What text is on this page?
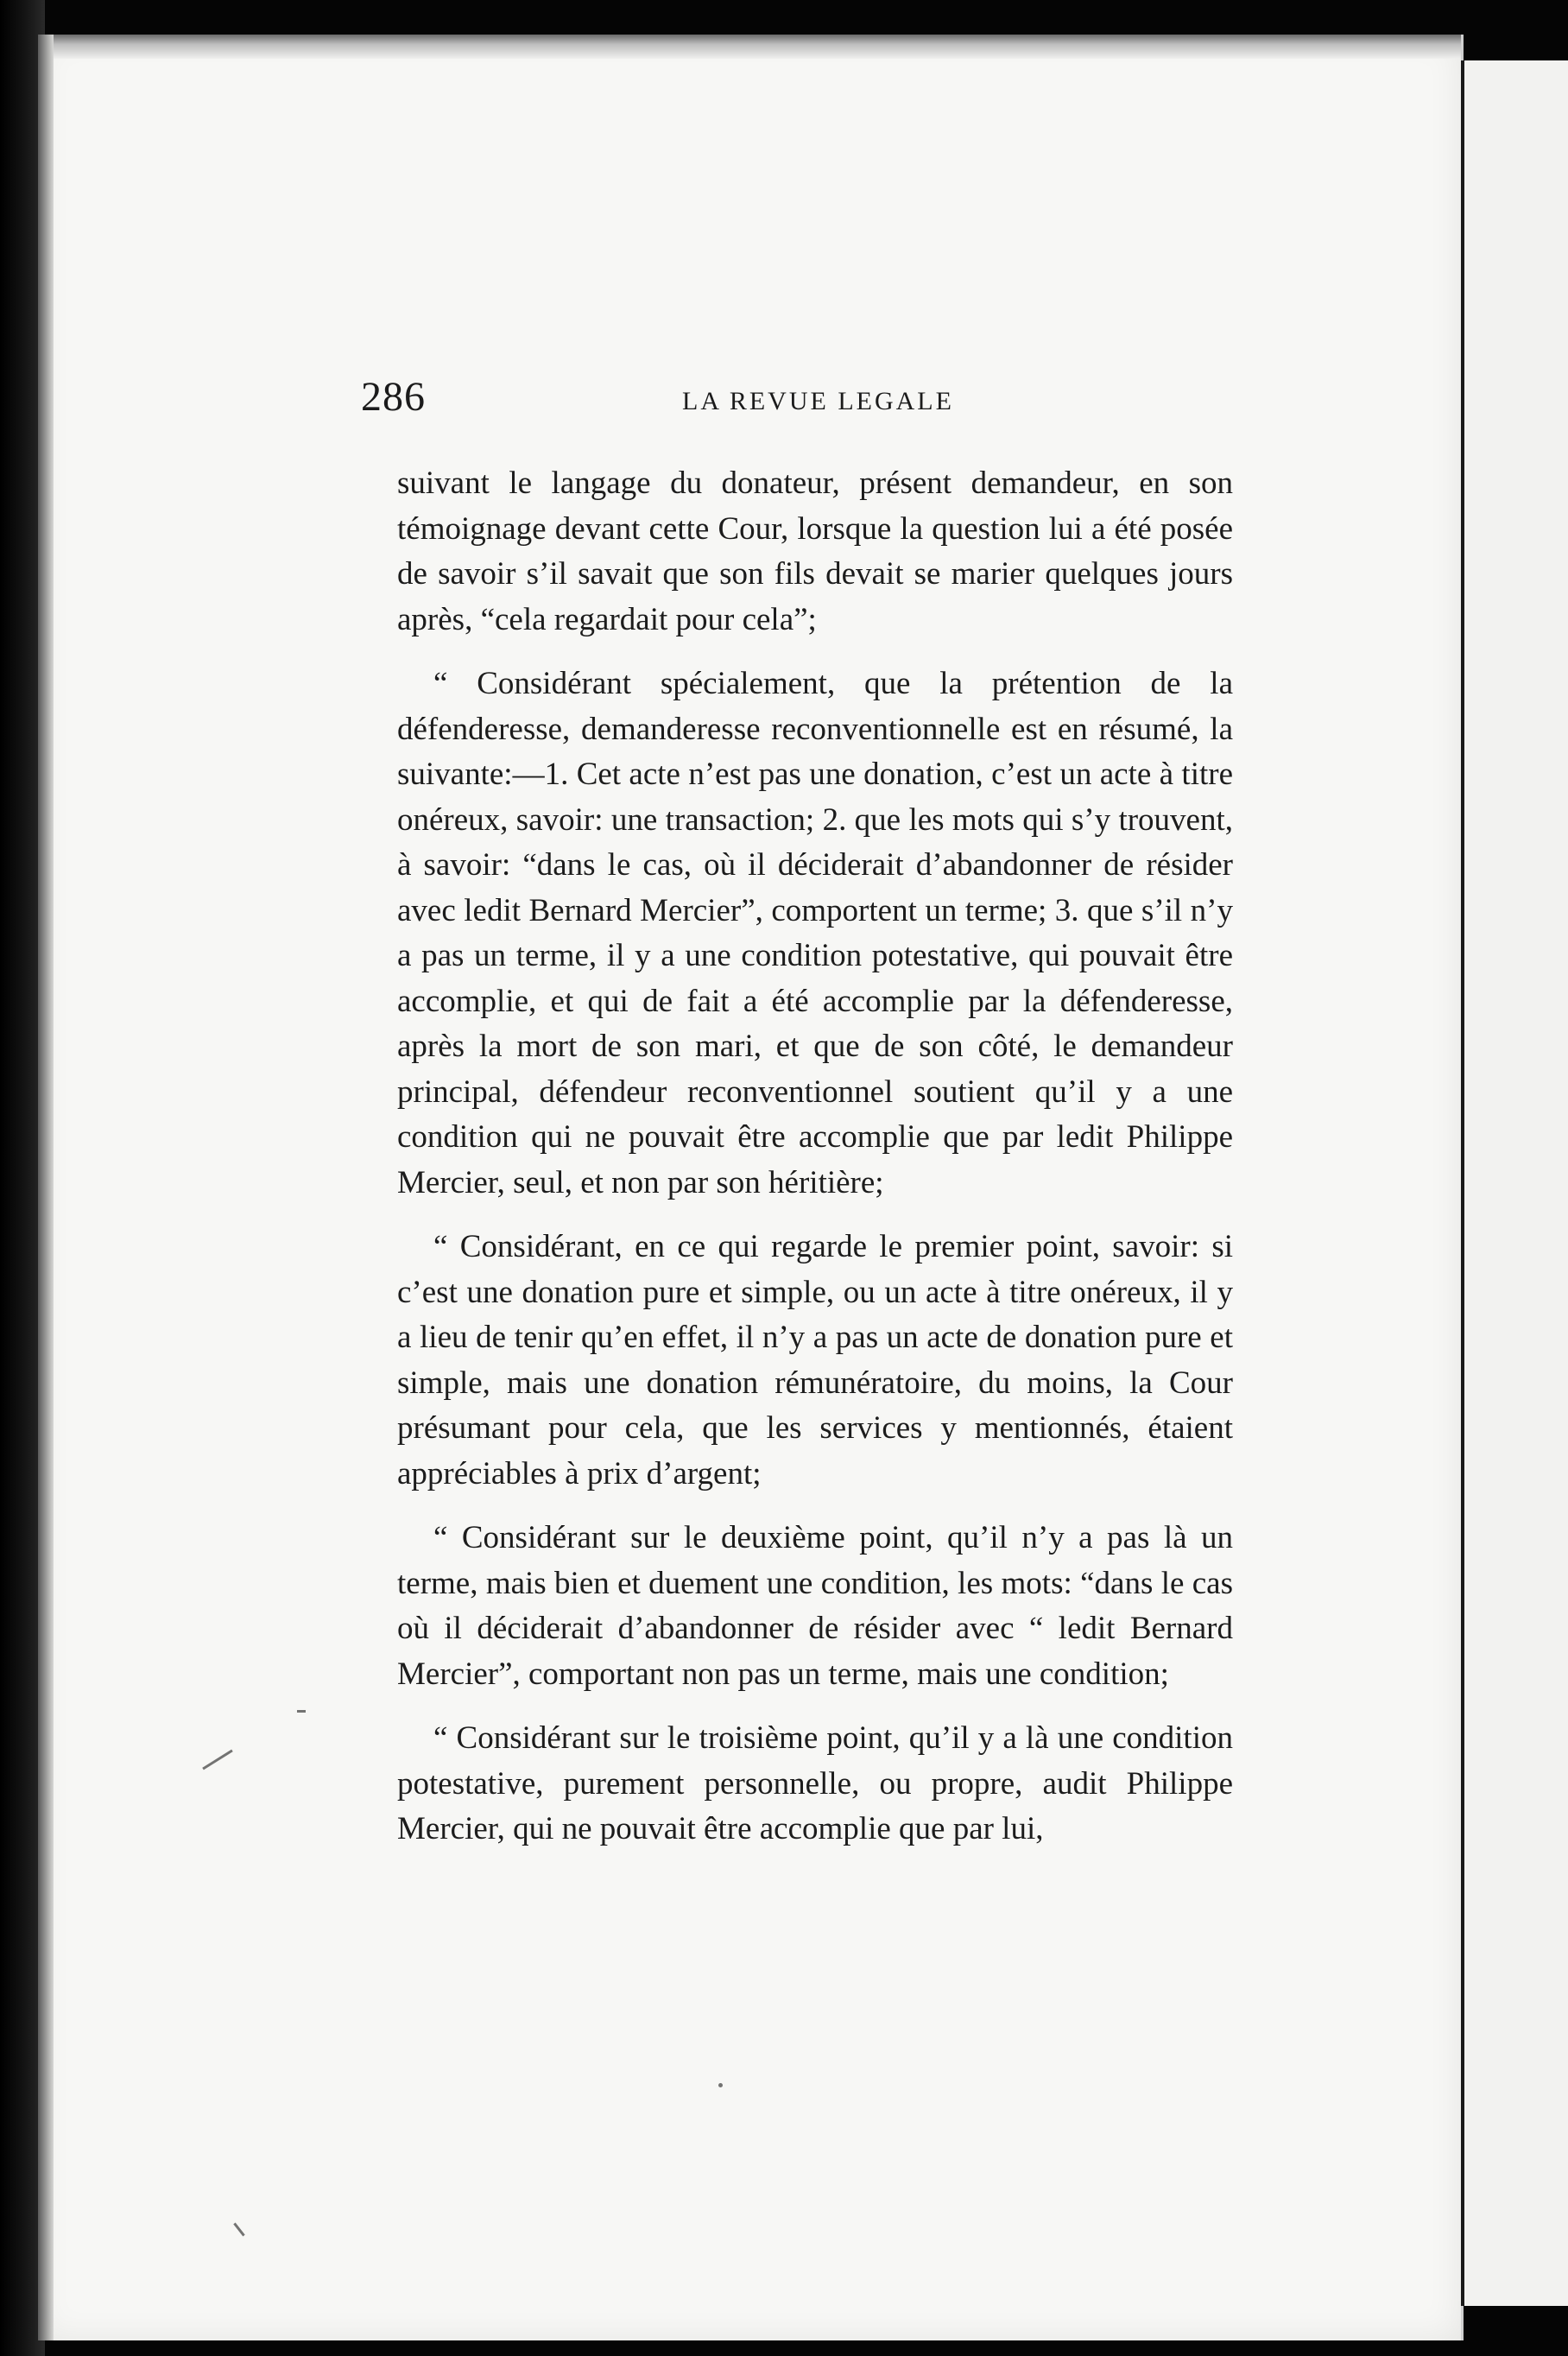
286	LA REVUE LEGALE

suivant le langage du donateur, présent demandeur, en son témoignage devant cette Cour, lorsque la question lui a été posée de savoir s’il savait que son fils devait se marier quelques jours après, “cela regardait pour cela”;

“ Considérant spécialement, que la prétention de la défenderesse, demanderesse reconventionnelle est en résumé, la suivante:—1. Cet acte n’est pas une donation, c’est un acte à titre onéreux, savoir: une transaction; 2. que les mots qui s’y trouvent, à savoir: “dans le cas, où il déciderait d’abandonner de résider avec ledit Bernard Mercier”, comportent un terme; 3. que s’il n’y a pas un terme, il y a une condition potestative, qui pouvait être accomplie, et qui de fait a été accomplie par la défenderesse, après la mort de son mari, et que de son côté, le demandeur principal, défendeur reconventionnel soutient qu’il y a une condition qui ne pouvait être accomplie que par ledit Philippe Mercier, seul, et non par son héritière;

“ Considérant, en ce qui regarde le premier point, savoir: si c’est une donation pure et simple, ou un acte à titre onéreux, il y a lieu de tenir qu’en effet, il n’y a pas un acte de donation pure et simple, mais une donation rémunératoire, du moins, la Cour présumant pour cela, que les services y mentionnés, étaient appréciables à prix d’argent;

“ Considérant sur le deuxième point, qu’il n’y a pas là un terme, mais bien et duement une condition, les mots: “dans le cas où il déciderait d’abandonner de résider avec “ ledit Bernard Mercier”, comportant non pas un terme, mais une condition;

“ Considérant sur le troisième point, qu’il y a là une condition potestative, purement personnelle, ou propre, audit Philippe Mercier, qui ne pouvait être accomplie que par lui,
